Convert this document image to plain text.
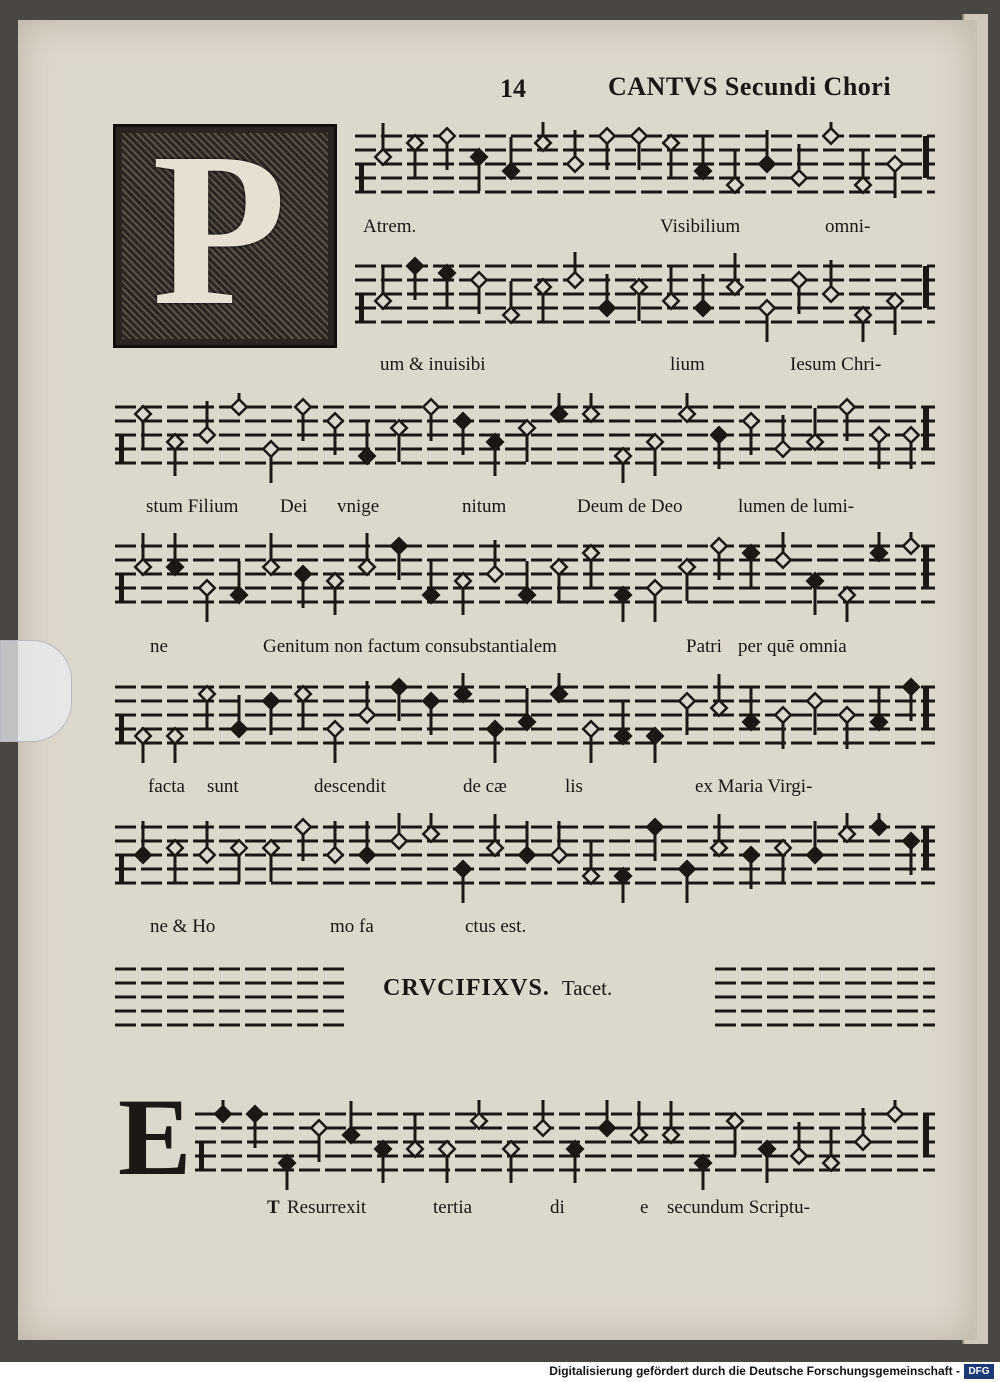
14	CANTVS Secundi Chori
P
E
Atrem.	Visibilium	omni-
um & inuisibi	lium	Iesum Chri-
stum Filium Dei vnige	nitum	Deum de Deo	lumen de lumi-
ne	Genitum non factum consubstantialem	Patri per quē omnia
facta sunt	descendit	de cæ	lis	ex Maria Virgi-
ne & Ho	mo fa	ctus est.
CRVCIFIXVS. Tacet.
T Resurrexit	tertia	di	e secundum Scriptu-
Digitalisierung gefördert durch die Deutsche Forschungsgemeinschaft - DFG
